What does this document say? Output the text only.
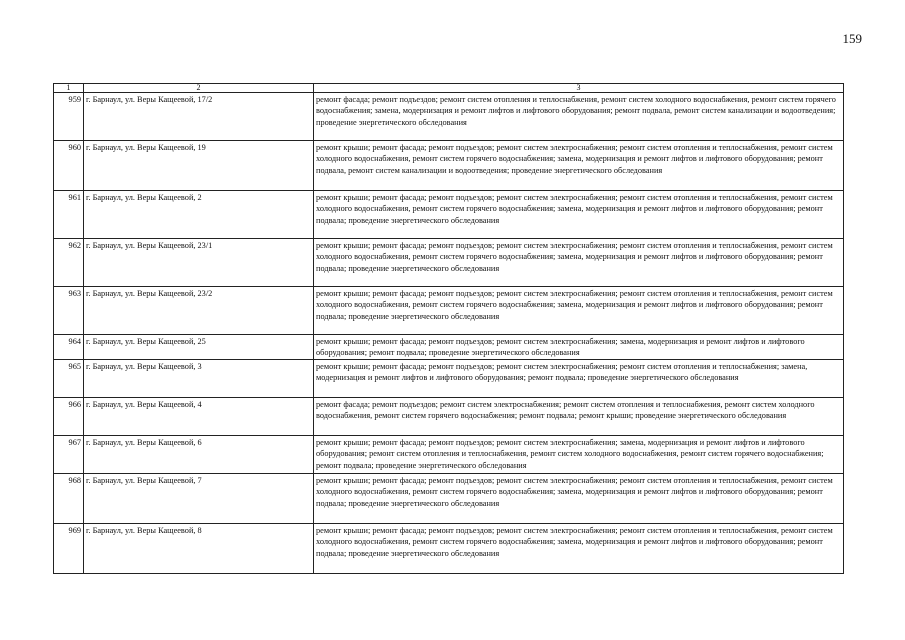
159
1	2	3
959	г. Барнаул, ул. Веры Кащеевой, 17/2	ремонт фасада; ремонт подъездов; ремонт систем отопления и теплоснабжения, ремонт систем холодного водоснабжения, ремонт систем горячего водоснабжения; замена, модернизация и ремонт лифтов и лифтового оборудования; ремонт подвала, ремонт систем канализации и водоотведения; проведение энергетического обследования
960	г. Барнаул, ул. Веры Кащеевой, 19	ремонт крыши; ремонт фасада; ремонт подъездов; ремонт систем электроснабжения; ремонт систем отопления и теплоснабжения, ремонт систем холодного водоснабжения, ремонт систем горячего водоснабжения; замена, модернизация и ремонт лифтов и лифтового оборудования; ремонт подвала, ремонт систем канализации и водоотведения; проведение энергетического обследования
961	г. Барнаул, ул. Веры Кащеевой, 2	ремонт крыши; ремонт фасада; ремонт подъездов; ремонт систем электроснабжения; ремонт систем отопления и теплоснабжения, ремонт систем холодного водоснабжения, ремонт систем горячего водоснабжения; замена, модернизация и ремонт лифтов и лифтового оборудования; ремонт подвала; проведение энергетического обследования
962	г. Барнаул, ул. Веры Кащеевой, 23/1	ремонт крыши; ремонт фасада; ремонт подъездов; ремонт систем электроснабжения; ремонт систем отопления и теплоснабжения, ремонт систем холодного водоснабжения, ремонт систем горячего водоснабжения; замена, модернизация и ремонт лифтов и лифтового оборудования; ремонт подвала; проведение энергетического обследования
963	г. Барнаул, ул. Веры Кащеевой, 23/2	ремонт крыши; ремонт фасада; ремонт подъездов; ремонт систем электроснабжения; ремонт систем отопления и теплоснабжения, ремонт систем холодного водоснабжения, ремонт систем горячего водоснабжения; замена, модернизация и ремонт лифтов и лифтового оборудования; ремонт подвала; проведение энергетического обследования
964	г. Барнаул, ул. Веры Кащеевой, 25	ремонт крыши; ремонт фасада; ремонт подъездов; ремонт систем электроснабжения; замена, модернизация и ремонт лифтов и лифтового оборудования; ремонт подвала; проведение энергетического обследования
965	г. Барнаул, ул. Веры Кащеевой, 3	ремонт крыши; ремонт фасада; ремонт подъездов; ремонт систем электроснабжения; ремонт систем отопления и теплоснабжения; замена, модернизация и ремонт лифтов и лифтового оборудования; ремонт подвала; проведение энергетического обследования
966	г. Барнаул, ул. Веры Кащеевой, 4	ремонт фасада; ремонт подъездов; ремонт систем электроснабжения; ремонт систем отопления и теплоснабжения, ремонт систем холодного водоснабжения, ремонт систем горячего водоснабжения; ремонт подвала; ремонт крыши; проведение энергетического обследования
967	г. Барнаул, ул. Веры Кащеевой, 6	ремонт крыши; ремонт фасада; ремонт подъездов; ремонт систем электроснабжения; замена, модернизация и ремонт лифтов и лифтового оборудования; ремонт систем отопления и теплоснабжения, ремонт систем холодного водоснабжения, ремонт систем горячего водоснабжения; ремонт подвала; проведение энергетического обследования
968	г. Барнаул, ул. Веры Кащеевой, 7	ремонт крыши; ремонт фасада; ремонт подъездов; ремонт систем электроснабжения; ремонт систем отопления и теплоснабжения, ремонт систем холодного водоснабжения, ремонт систем горячего водоснабжения; замена, модернизация и ремонт лифтов и лифтового оборудования; ремонт подвала; проведение энергетического обследования
969	г. Барнаул, ул. Веры Кащеевой, 8	ремонт крыши; ремонт фасада; ремонт подъездов; ремонт систем электроснабжения; ремонт систем отопления и теплоснабжения, ремонт систем холодного водоснабжения, ремонт систем горячего водоснабжения; замена, модернизация и ремонт лифтов и лифтового оборудования; ремонт подвала; проведение энергетического обследования
